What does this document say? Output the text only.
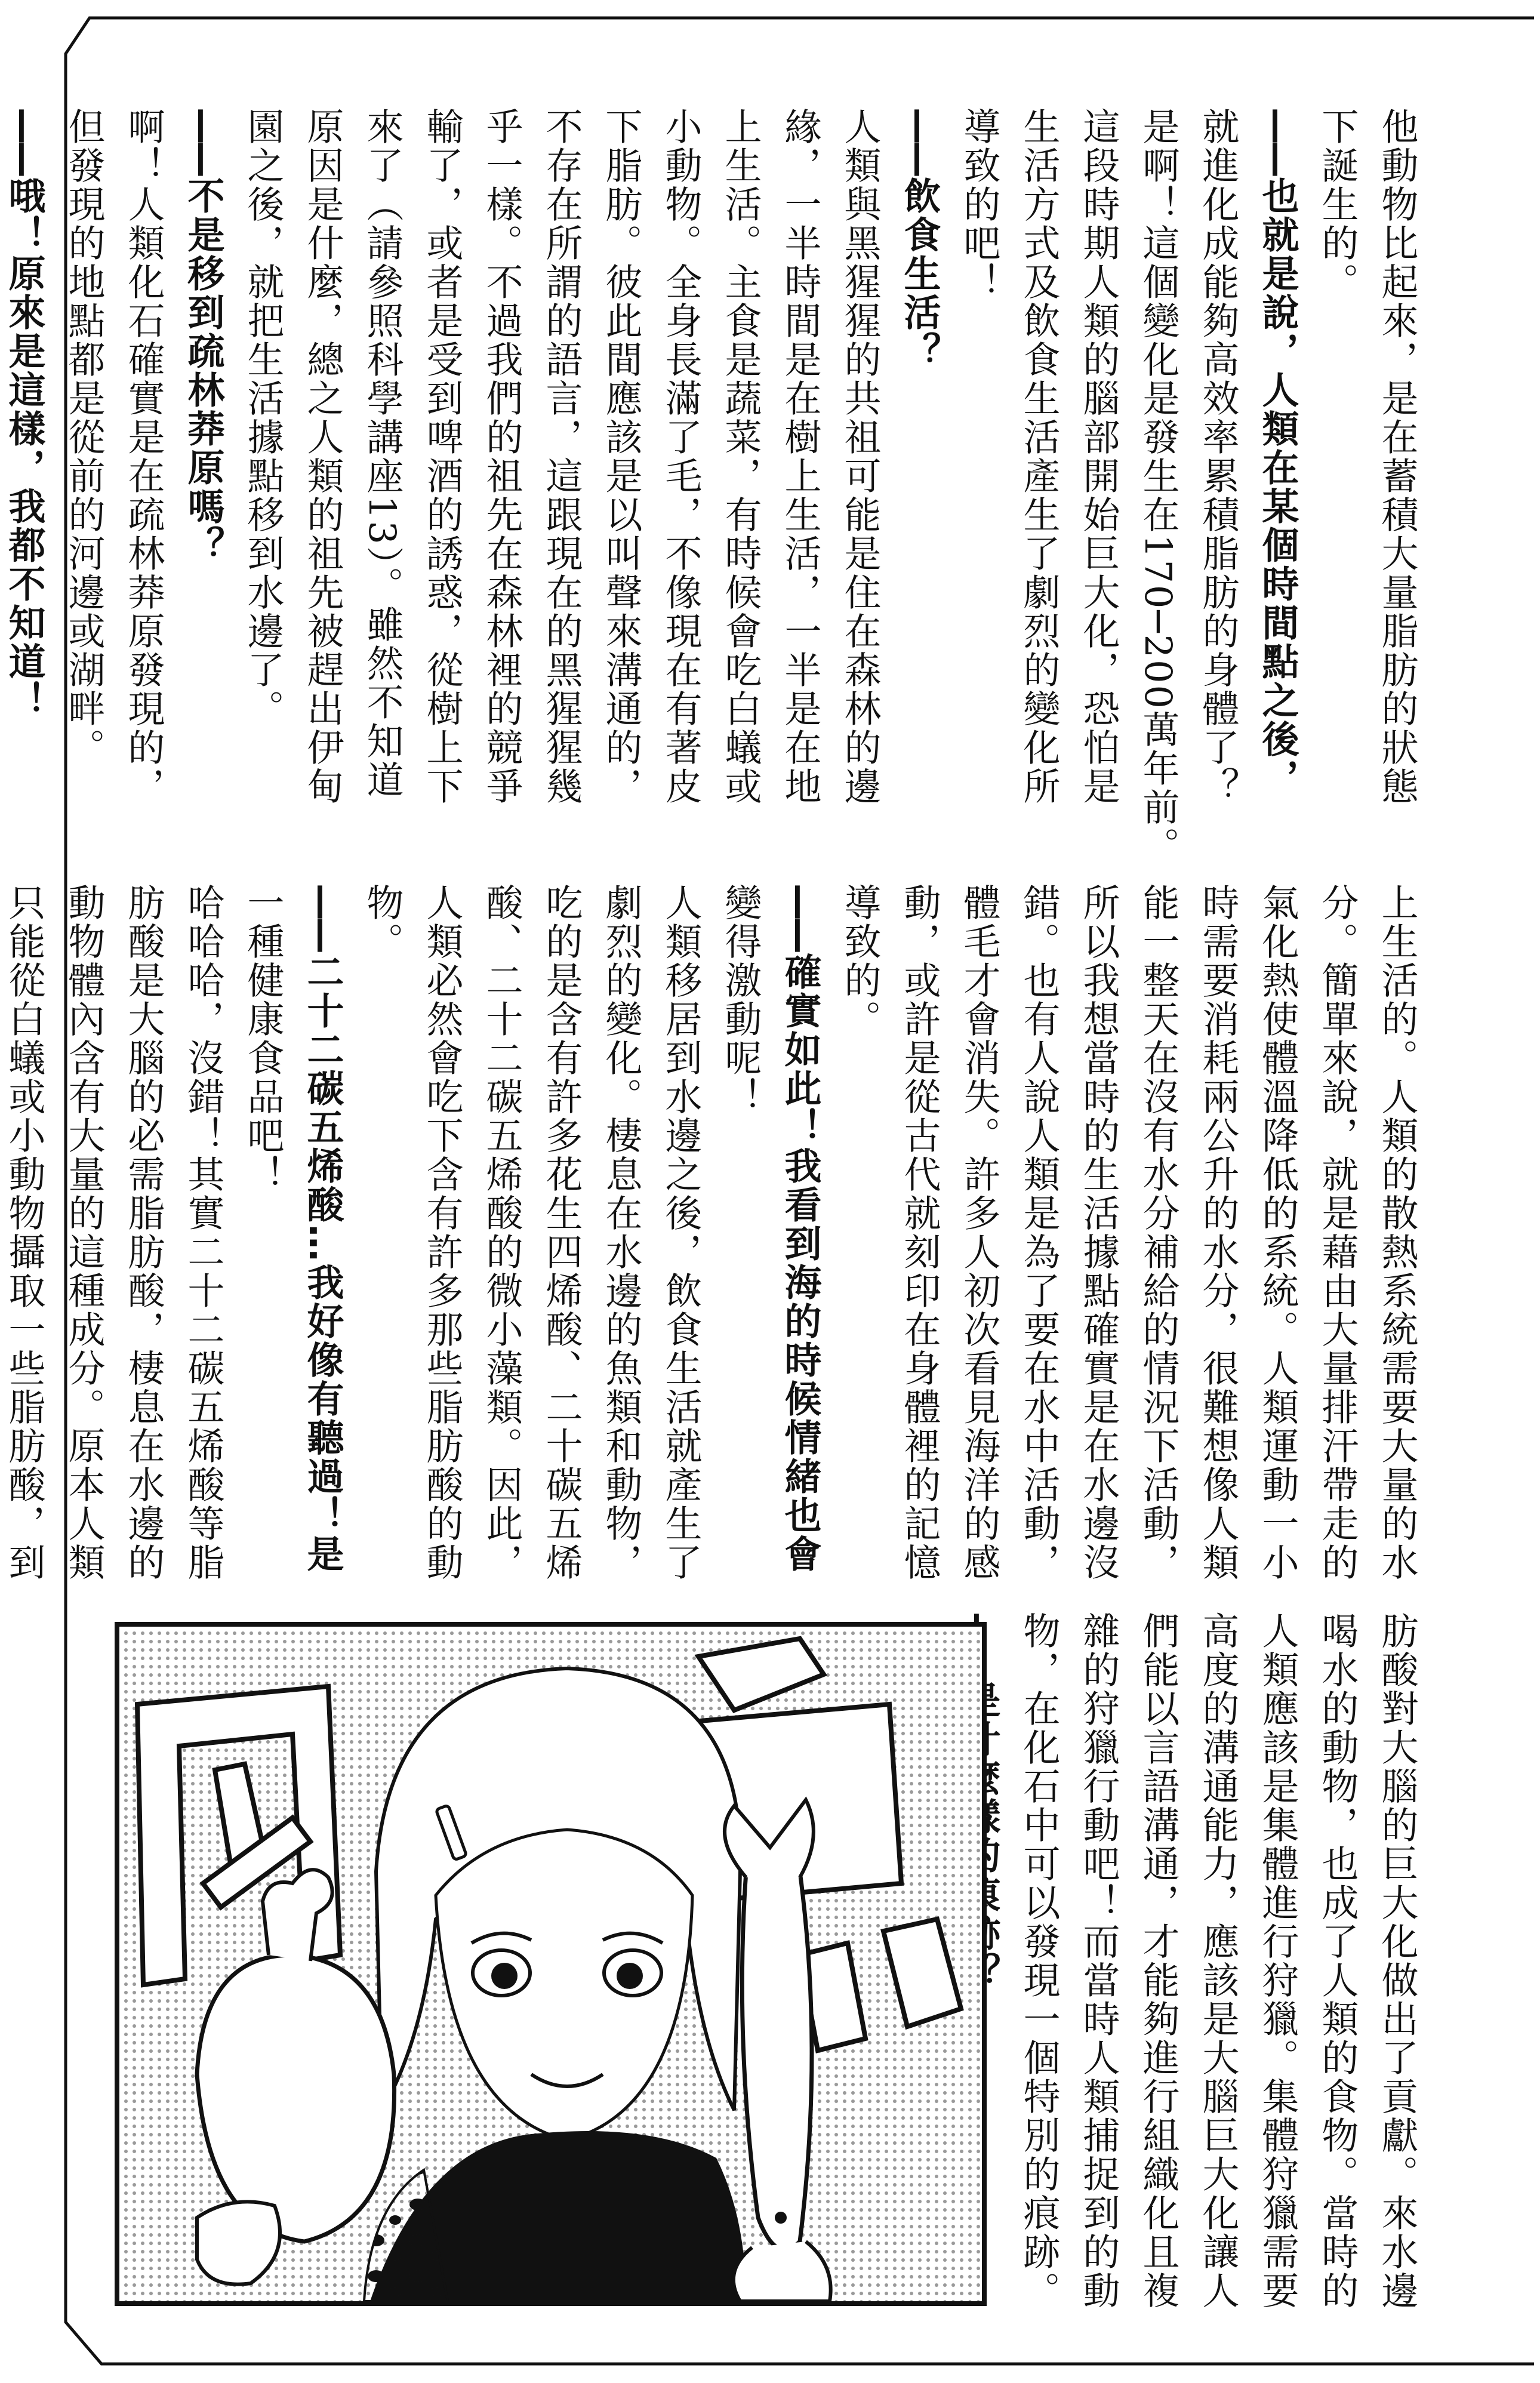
他動物比起來，是在蓄積大量脂肪的狀態

下誕生的。

—— 也就是說，人類在某個時間點之後，

就進化成能夠高效率累積脂肪的身體了？

是啊！這個變化是發生在170─200萬年前。

這段時期人類的腦部開始巨大化，恐怕是

生活方式及飲食生活產生了劇烈的變化所

導致的吧！

—— 飲食生活？

人類與黑猩猩的共祖可能是住在森林的邊

緣，一半時間是在樹上生活，一半是在地

上生活。主食是蔬菜，有時候會吃白蟻或

小動物。全身長滿了毛，不像現在有著皮

下脂肪。彼此間應該是以叫聲來溝通的，

不存在所謂的語言，這跟現在的黑猩猩幾

乎一樣。不過我們的祖先在森林裡的競爭

輸了，或者是受到啤酒的誘惑，從樹上下

來了（請參照科學講座13）。雖然不知道

原因是什麼，總之人類的祖先被趕出伊甸

園之後，就把生活據點移到水邊了。

—— 不是移到疏林莽原嗎？

啊！人類化石確實是在疏林莽原發現的，

但發現的地點都是從前的河邊或湖畔。

—— 哦！原來是這樣，我都不知道！

上生活的。人類的散熱系統需要大量的水

分。簡單來說，就是藉由大量排汗帶走的

氣化熱使體溫降低的系統。人類運動一小

時需要消耗兩公升的水分，很難想像人類

能一整天在沒有水分補給的情況下活動，

所以我想當時的生活據點確實是在水邊沒

錯。也有人說人類是為了要在水中活動，

體毛才會消失。許多人初次看見海洋的感

動，或許是從古代就刻印在身體裡的記憶

導致的。

—— 確實如此！我看到海的時候情緒也會

變得激動呢！

人類移居到水邊之後，飲食生活就產生了

劇烈的變化。棲息在水邊的魚類和動物，

吃的是含有許多花生四烯酸、二十碳五烯

酸、二十二碳五烯酸的微小藻類。因此，

人類必然會吃下含有許多那些脂肪酸的動

物。

—— 二十二碳五烯酸…我好像有聽過！是

一種健康食品吧！

哈哈哈，沒錯！其實二十二碳五烯酸等脂

肪酸是大腦的必需脂肪酸，棲息在水邊的

動物體內含有大量的這種成分。原本人類

只能從白蟻或小動物攝取一些脂肪酸，到

肪酸對大腦的巨大化做出了貢獻。來水邊

喝水的動物，也成了人類的食物。當時的

人類應該是集體進行狩獵。集體狩獵需要

高度的溝通能力，應該是大腦巨大化讓人

們能以言語溝通，才能夠進行組織化且複

雜的狩獵行動吧！而當時人類捕捉到的動

物，在化石中可以發現一個特別的痕跡。

——
